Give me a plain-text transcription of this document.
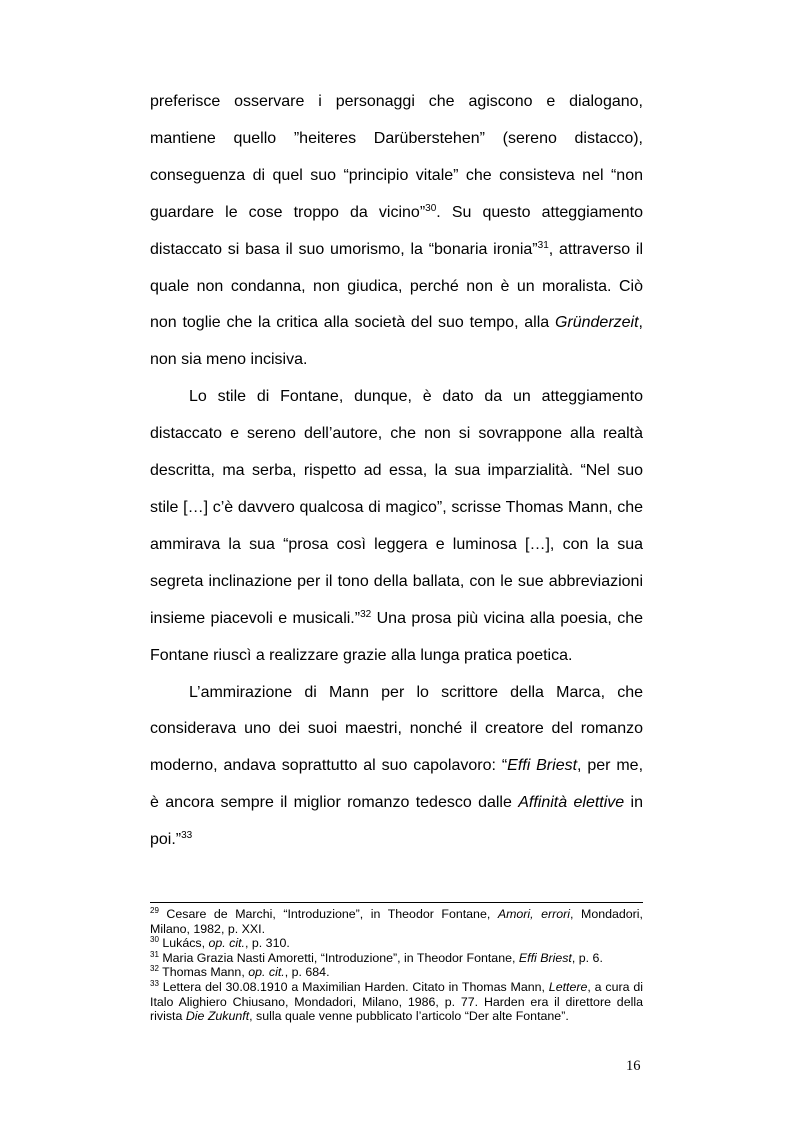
preferisce osservare i personaggi che agiscono e dialogano, mantiene quello ”heiteres Darüberstehen” (sereno distacco), conseguenza di quel suo “principio vitale” che consisteva nel “non guardare le cose troppo da vicino”$^{30}$. Su questo atteggiamento distaccato si basa il suo umorismo, la “bonaria ironia”$^{31}$, attraverso il quale non condanna, non giudica, perché non è un moralista. Ciò non toglie che la critica alla società del suo tempo, alla Gründerzeit, non sia meno incisiva.

Lo stile di Fontane, dunque, è dato da un atteggiamento distaccato e sereno dell’autore, che non si sovrappone alla realtà descritta, ma serba, rispetto ad essa, la sua imparzialità. “Nel suo stile […] c’è davvero qualcosa di magico”, scrisse Thomas Mann, che ammirava la sua “prosa così leggera e luminosa […], con la sua segreta inclinazione per il tono della ballata, con le sue abbreviazioni insieme piacevoli e musicali.”$^{32}$ Una prosa più vicina alla poesia, che Fontane riuscì a realizzare grazie alla lunga pratica poetica.

L’ammirazione di Mann per lo scrittore della Marca, che considerava uno dei suoi maestri, nonché il creatore del romanzo moderno, andava soprattutto al suo capolavoro: “Effi Briest, per me, è ancora sempre il miglior romanzo tedesco dalle Affinità elettive in poi.”$^{33}$

$^{29}$ Cesare de Marchi, “Introduzione”, in Theodor Fontane, Amori, errori, Mondadori, Milano, 1982, p. XXI.

$^{30}$ Lukács, op. cit., p. 310.

$^{31}$ Maria Grazia Nasti Amoretti, “Introduzione”, in Theodor Fontane, Effi Briest, p. 6.

$^{32}$ Thomas Mann, op. cit., p. 684.

$^{33}$ Lettera del 30.08.1910 a Maximilian Harden. Citato in Thomas Mann, Lettere, a cura di Italo Alighiero Chiusano, Mondadori, Milano, 1986, p. 77. Harden era il direttore della rivista Die Zukunft, sulla quale venne pubblicato l’articolo “Der alte Fontane”.

16
